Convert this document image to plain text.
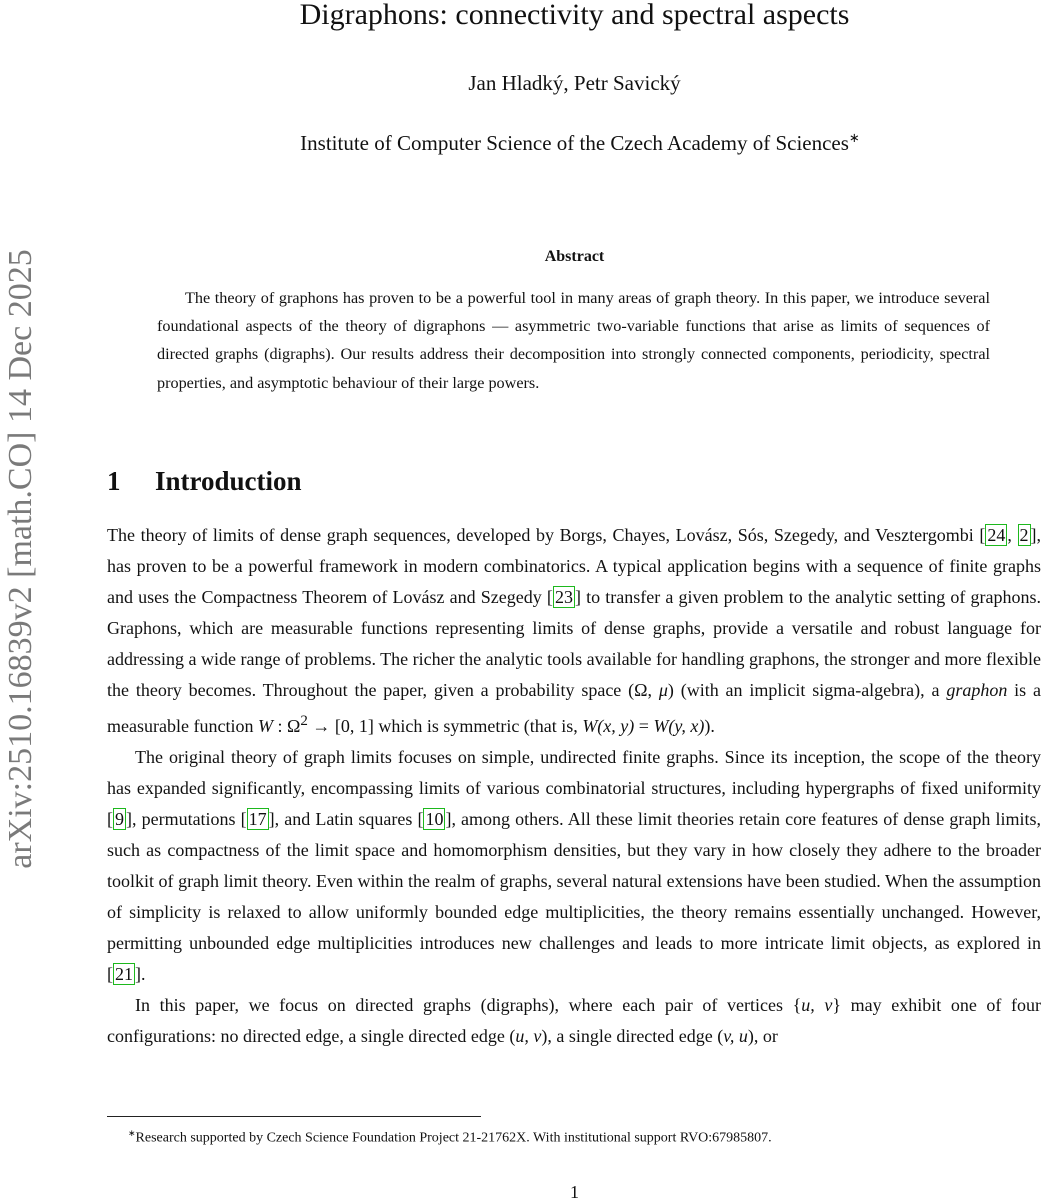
arXiv:2510.16839v2 [math.CO] 14 Dec 2025
Digraphons: connectivity and spectral aspects
Jan Hladký, Petr Savický
Institute of Computer Science of the Czech Academy of Sciences∗
Abstract
The theory of graphons has proven to be a powerful tool in many areas of graph theory. In this paper, we introduce several foundational aspects of the theory of digraphons — asymmetric two-variable functions that arise as limits of sequences of directed graphs (digraphs). Our results address their decomposition into strongly connected components, periodicity, spectral properties, and asymptotic behaviour of their large powers.
1 Introduction

The theory of limits of dense graph sequences, developed by Borgs, Chayes, Lovász, Sós, Szegedy, and Vesztergombi [ 24 , 2 ], has proven to be a powerful framework in modern combinatorics. A typical application begins with a sequence of finite graphs and uses the Compactness Theorem of Lovász and Szegedy [ 23 ] to transfer a given problem to the analytic setting of graphons. Graphons, which are measurable functions representing limits of dense graphs, provide a versatile and robust language for addressing a wide range of problems. The richer the analytic tools available for handling graphons, the stronger and more flexible the theory becomes. Throughout the paper, given a probability space (Ω, μ) (with an implicit sigma-algebra), a graphon is a measurable function W : $\Omega^2 \to [0$, 1] which is symmetric (that is, W(x, y) = W(y, x)).

The original theory of graph limits focuses on simple, undirected finite graphs. Since its inception, the scope of the theory has expanded significantly, encompassing limits of various combinatorial structures, including hypergraphs of fixed uniformity [ 9 ], permutations [ 17 ], and Latin squares [ 10 ], among others. All these limit theories retain core features of dense graph limits, such as compactness of the limit space and homomorphism densities, but they vary in how closely they adhere to the broader toolkit of graph limit theory. Even within the realm of graphs, several natural extensions have been studied. When the assumption of simplicity is relaxed to allow uniformly bounded edge multiplicities, the theory remains essentially unchanged. However, permitting unbounded edge multiplicities introduces new challenges and leads to more intricate limit objects, as explored in [ 21 ].

In this paper, we focus on directed graphs (digraphs), where each pair of vertices {u, v} may exhibit one of four configurations: no directed edge, a single directed edge (u, v), a single directed edge (v, u), or

∗Research supported by Czech Science Foundation Project 21-21762X. With institutional support RVO:67985807.
1
